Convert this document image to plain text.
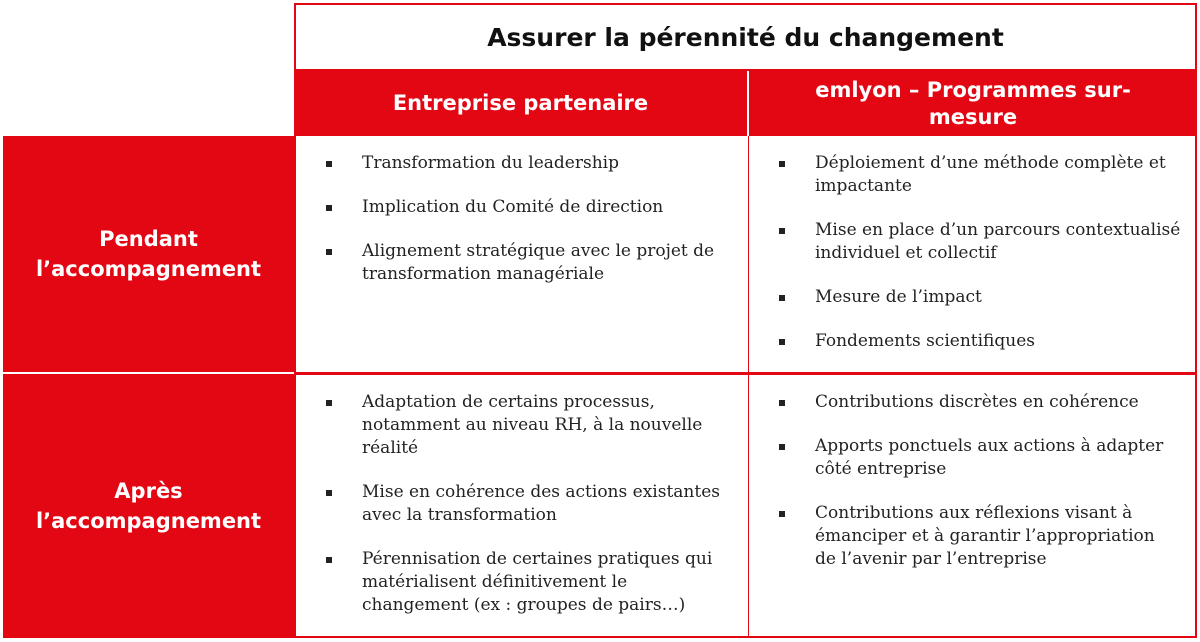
Assurer la pérennité du changement
Entreprise partenaire
emlyon – Programmes sur-mesure
Pendant l’accompagnement
Après l’accompagnement
Transformation du leadership
Implication du Comité de direction
Alignement stratégique avec le projet de transformation managériale
Déploiement d’une méthode complète et impactante
Mise en place d’un parcours contextualisé individuel et collectif
Mesure de l’impact
Fondements scientifiques
Adaptation de certains processus, notamment au niveau RH, à la nouvelle réalité
Mise en cohérence des actions existantes avec la transformation
Pérennisation de certaines pratiques qui matérialisent définitivement le changement (ex : groupes de pairs…)
Contributions discrètes en cohérence
Apports ponctuels aux actions à adapter côté entreprise
Contributions aux réflexions visant à émanciper et à garantir l’appropriation de l’avenir par l’entreprise
